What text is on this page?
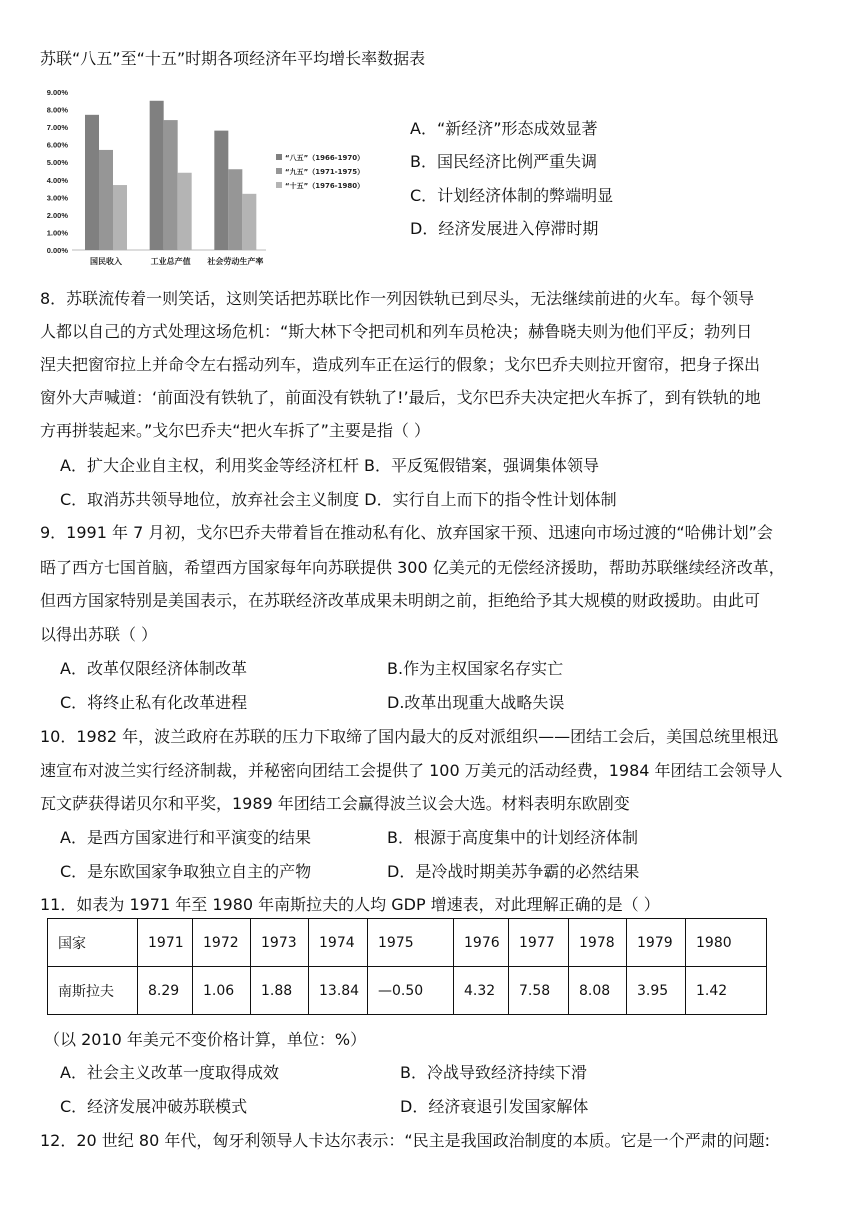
苏联“八五”至“十五”时期各项经济年平均增长率数据表
0.00%
1.00%
2.00%
3.00%
4.00%
5.00%
6.00%
7.00%
8.00%
9.00%
国民收入	工业总产值 社会劳动生产率
“八五”（1966-1970）
“九五”（1971-1975）
“十五”（1976-1980）
A．“新经济”形态成效显著
B．国民经济比例严重失调
C．计划经济体制的弊端明显
D．经济发展进入停滞时期
8．苏联流传着一则笑话，这则笑话把苏联比作一列因铁轨已到尽头，无法继续前进的火车。每个领导
人都以自己的方式处理这场危机：“斯大林下令把司机和列车员枪决；赫鲁晓夫则为他们平反；勃列日
涅夫把窗帘拉上并命令左右摇动列车，造成列车正在运行的假象；戈尔巴乔夫则拉开窗帘，把身子探出
窗外大声喊道：‘前面没有铁轨了，前面没有铁轨了!’最后，戈尔巴乔夫决定把火车拆了，到有铁轨的地
方再拼装起来。”戈尔巴乔夫“把火车拆了”主要是指（ ）
A．扩大企业自主权，利用奖金等经济杠杆 B．平反冤假错案，强调集体领导
C．取消苏共领导地位，放弃社会主义制度 D．实行自上而下的指令性计划体制
9．1991 年 7 月初，戈尔巴乔夫带着旨在推动私有化、放弃国家干预、迅速向市场过渡的“哈佛计划”会
晤了西方七国首脑，希望西方国家每年向苏联提供 300 亿美元的无偿经济援助，帮助苏联继续经济改革，
但西方国家特别是美国表示，在苏联经济改革成果未明朗之前，拒绝给予其大规模的财政援助。由此可
以得出苏联（ ）
A．改革仅限经济体制改革	B.作为主权国家名存实亡
C．将终止私有化改革进程	D.改革出现重大战略失误
10．1982 年，波兰政府在苏联的压力下取缔了国内最大的反对派组织——团结工会后，美国总统里根迅
速宣布对波兰实行经济制裁，并秘密向团结工会提供了 100 万美元的活动经费，1984 年团结工会领导人
瓦文萨获得诺贝尔和平奖，1989 年团结工会赢得波兰议会大选。材料表明东欧剧变
A．是西方国家进行和平演变的结果	B．根源于高度集中的计划经济体制
C．是东欧国家争取独立自主的产物	D．是冷战时期美苏争霸的必然结果
11．如表为 1971 年至 1980 年南斯拉夫的人均 GDP 增速表，对此理解正确的是（ ）
国家	1971	1972	1973	1974	1975	1976	1977	1978	1979	1980
南斯拉夫	8.29	1.06	1.88	13.84	—0.50	4.32	7.58	8.08	3.95	1.42
（以 2010 年美元不变价格计算，单位：%）
A．社会主义改革一度取得成效	B．冷战导致经济持续下滑
C．经济发展冲破苏联模式	D．经济衰退引发国家解体
12．20 世纪 80 年代，匈牙利领导人卡达尔表示：“民主是我国政治制度的本质。它是一个严肃的问题:
